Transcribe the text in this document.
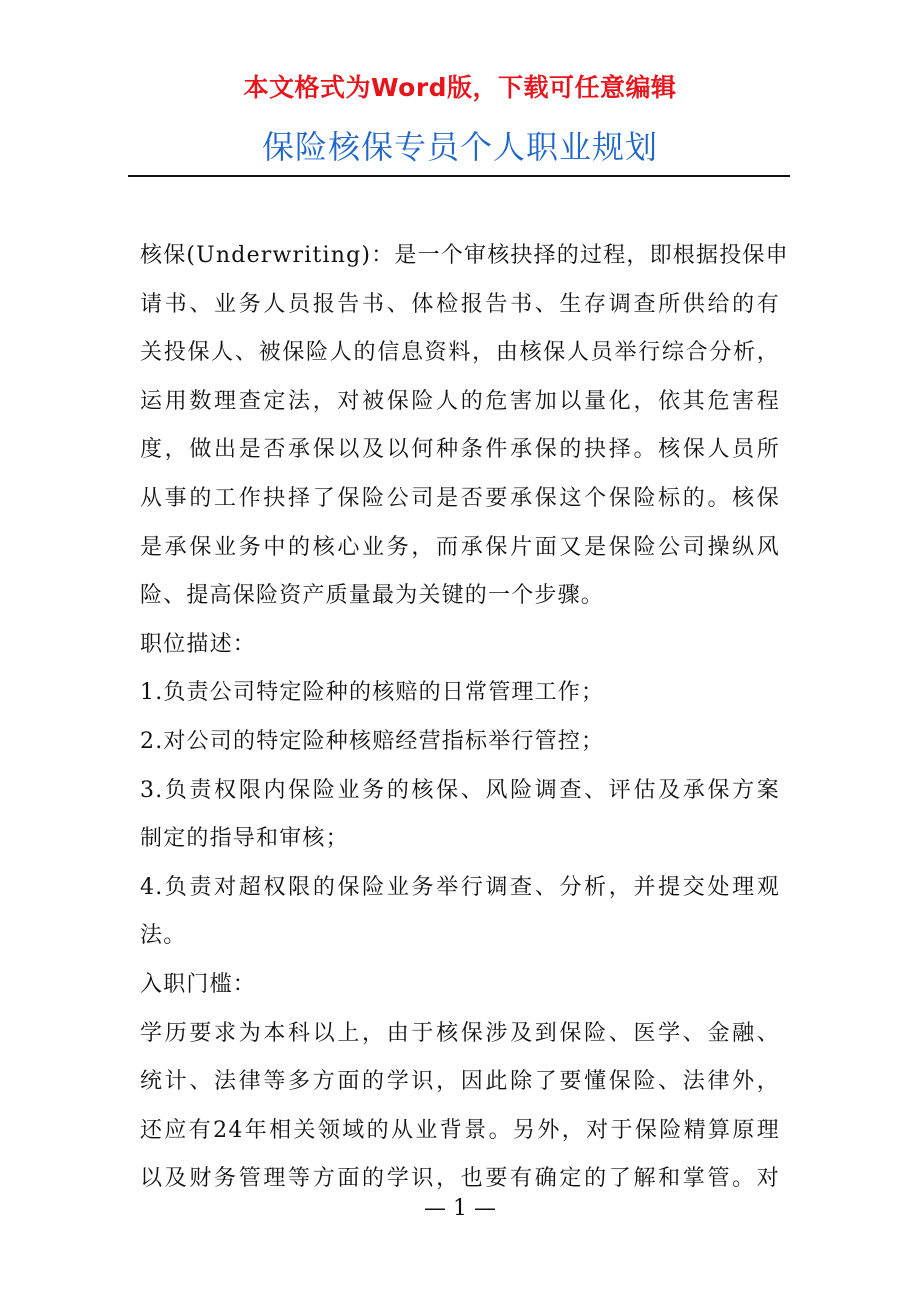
本文格式为Word版，下载可任意编辑
保险核保专员个人职业规划
核保(Underwriting)：是一个审核抉择的过程，即根据投保申
请书、业务人员报告书、体检报告书、生存调查所供给的有
关投保人、被保险人的信息资料，由核保人员举行综合分析，
运用数理查定法，对被保险人的危害加以量化，依其危害程
度，做出是否承保以及以何种条件承保的抉择。核保人员所
从事的工作抉择了保险公司是否要承保这个保险标的。核保
是承保业务中的核心业务，而承保片面又是保险公司操纵风
险、提高保险资产质量最为关键的一个步骤。
职位描述：
1.负责公司特定险种的核赔的日常管理工作；
2.对公司的特定险种核赔经营指标举行管控；
3.负责权限内保险业务的核保、风险调查、评估及承保方案
制定的指导和审核；
4.负责对超权限的保险业务举行调查、分析，并提交处理观
法。
入职门槛：
学历要求为本科以上，由于核保涉及到保险、医学、金融、
统计、法律等多方面的学识，因此除了要懂保险、法律外，
还应有24年相关领域的从业背景。另外，对于保险精算原理
以及财务管理等方面的学识，也要有确定的了解和掌管。对
— 1 —
